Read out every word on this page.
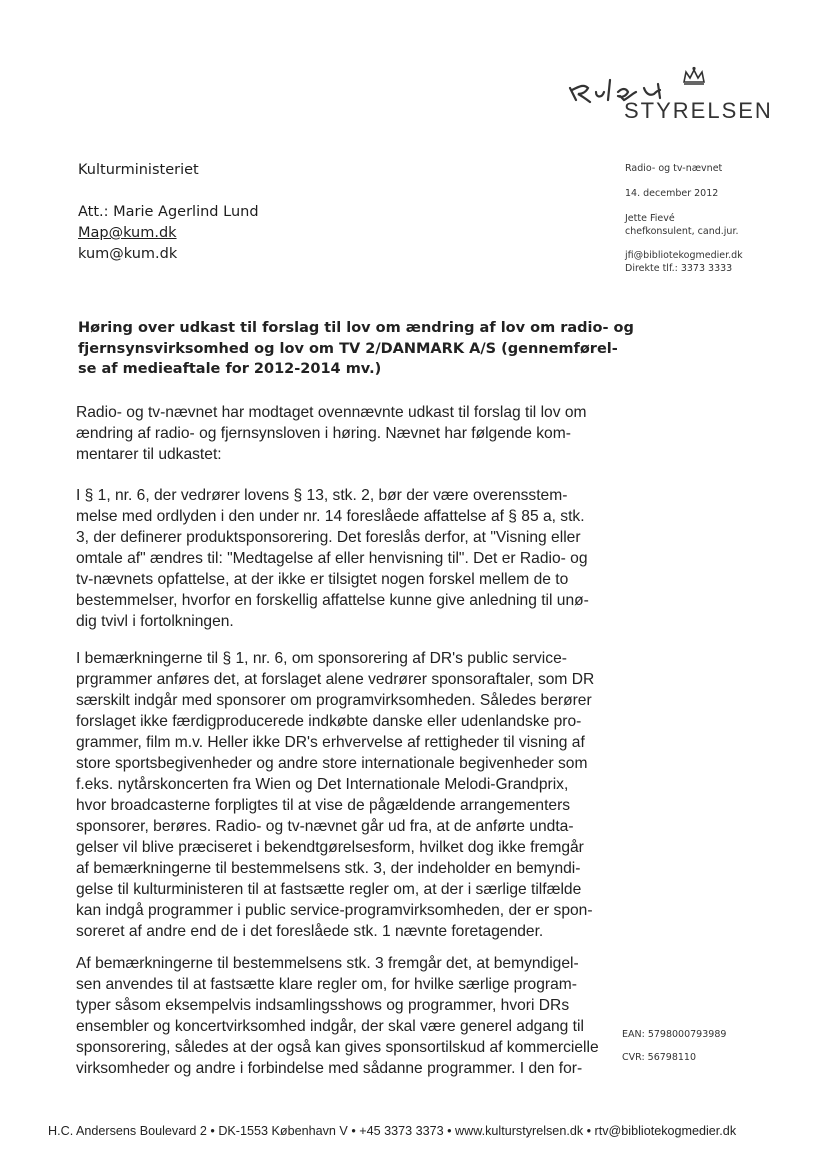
STYRELSEN
Kulturministeriet
Att.: Marie Agerlind Lund
Map@kum.dk
kum@kum.dk
Radio- og tv-nævnet
14. december 2012
Jette Fievé
chefkonsulent, cand.jur.
jfi@bibliotekogmedier.dk
Direkte tlf.: 3373 3333
Høring over udkast til forslag til lov om ændring af lov om radio- og
fjernsynsvirksomhed og lov om TV 2/DANMARK A/S (gennemførel-
se af medieaftale for 2012-2014 mv.)
Radio- og tv-nævnet har modtaget ovennævnte udkast til forslag til lov om
ændring af radio- og fjernsynsloven i høring. Nævnet har følgende kom-
mentarer til udkastet:
I § 1, nr. 6, der vedrører lovens § 13, stk. 2, bør der være overensstem-
melse med ordlyden i den under nr. 14 foreslåede affattelse af § 85 a, stk.
3, der definerer produktsponsorering. Det foreslås derfor, at "Visning eller
omtale af" ændres til: "Medtagelse af eller henvisning til". Det er Radio- og
tv-nævnets opfattelse, at der ikke er tilsigtet nogen forskel mellem de to
bestemmelser, hvorfor en forskellig affattelse kunne give anledning til unø-
dig tvivl i fortolkningen.
I bemærkningerne til § 1, nr. 6, om sponsorering af DR's public service-
prgrammer anføres det, at forslaget alene vedrører sponsoraftaler, som DR
særskilt indgår med sponsorer om programvirksomheden. Således berører
forslaget ikke færdigproducerede indkøbte danske eller udenlandske pro-
grammer, film m.v. Heller ikke DR's erhvervelse af rettigheder til visning af
store sportsbegivenheder og andre store internationale begivenheder som
f.eks. nytårskoncerten fra Wien og Det Internationale Melodi-Grandprix,
hvor broadcasterne forpligtes til at vise de pågældende arrangementers
sponsorer, berøres. Radio- og tv-nævnet går ud fra, at de anførte undta-
gelser vil blive præciseret i bekendtgørelsesform, hvilket dog ikke fremgår
af bemærkningerne til bestemmelsens stk. 3, der indeholder en bemyndi-
gelse til kulturministeren til at fastsætte regler om, at der i særlige tilfælde
kan indgå programmer i public service-programvirksomheden, der er spon-
soreret af andre end de i det foreslåede stk. 1 nævnte foretagender.
Af bemærkningerne til bestemmelsens stk. 3 fremgår det, at bemyndigel-
sen anvendes til at fastsætte klare regler om, for hvilke særlige program-
typer såsom eksempelvis indsamlingsshows og programmer, hvori DRs
ensembler og koncertvirksomhed indgår, der skal være generel adgang til
sponsorering, således at der også kan gives sponsortilskud af kommercielle
virksomheder og andre i forbindelse med sådanne programmer. I den for-
EAN: 5798000793989
CVR: 56798110
H.C. Andersens Boulevard 2 • DK-1553 København V • +45 3373 3373 • www.kulturstyrelsen.dk • rtv@bibliotekogmedier.dk
